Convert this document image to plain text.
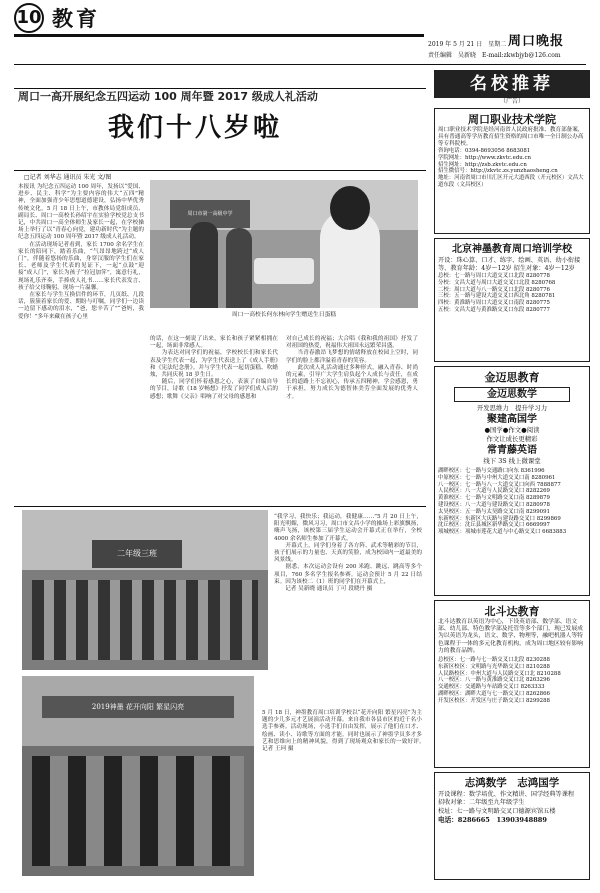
10 教育
2019 年 5 月 21 日　星期二 周口晚报
责任编辑　吴新晓 E-mail:zkwbjyb@126.com
周口一高开展纪念五四运动 100 周年暨 2017 级成人礼活动
我们十八岁啦
□记者 刘华志 通讯员 朱光 文/图
本报讯 为纪念五四运动 100 周年，发扬以“爱国、进步、民主、科学”为主要内容的伟大“五四”精神，全面加强青少年思想道德建设，弘扬中华优秀传统文化，5 月 18 日上午，市教体局党组成员、副局长、周口一高校长孙绍宇在实验学校党总支书记，中共周口一高全体师生及家长一起，在学校操场上举行了以“青春心向党，建功新时代”为主题的纪念五四运动 100 周年暨 2017 级成人礼活动。
　　在活动现场记者看到，家长 1700 余名学生在家长的陪同下，踏着乐曲，“气昂昂地跨过“成人门”，伴随着悠扬的乐曲，身穿汉服的学生们在家长、老师及学生代表的见证下，一起“点鼓”迎接“成人门”，家长为孩子“拉冠加笄”，寓意行礼，现场礼乐齐奏，手捧成人礼书……家长代表发言、孩子给父母鞠躬，现场一片温馨。
　　在家长与学生互换信件的环节，几页纸、几段话，簇簇着家长的爱、期盼与叮嘱，同学们一边读一边留下感动的泪水，“爸，您辛苦了”“爸妈，我爱你！”多年来藏在孩子心里
周口市第一高级中学
周口一高校长何东林向学生赠送生日蛋糕
的话，在这一刻说了出来，家长和孩子紧紧相拥在一起，场面非常感人。
　　为表达对同学们的祝福，学校校长们和家长代表及学生代表一起，为学生代表送上了《成人手册》和《宪法纪念册》。并与学生代表一起切蛋糕、吹蜡烛，共同庆祝 18 岁生日。
　　随后，同学们怀着感恩之心，表演了自编自导的节目，诗歌《18 岁畅想》抒发了同学们成人后的感想；歌舞《父亲》唱响了对父母的感恩和
对自己成长的祝福；大合唱《我和我的祖国》抒发了对祖国的热爱，祝福伟大祖国永远繁荣昌盛。
　　当青春激昂飞梦想的情绪释放在校园上空时，同学们的脸上都洋溢着青春的笑容。
　　此次成人礼活动通过多种形式，融入青春、时尚的元素，引导广大学生肩负起个人成长与责任，在成长的道路上不忘初心，传承五四精神，学会感恩，勇于承担，努力成长为德智体美劳全面发展的优秀人才。
二年级三班
“我学习，我快乐；我运动，我健康……”5 月 20 日上午，阳光明媚，微风习习，周口市文昌小学的操场上彩旗飘扬，嗨声飞扬，该校第三届学生运动会开幕式正在举行，全校 4000 余名师生参加了开幕式。
　　开幕式上，同学们身着了各方阵、武术等精彩的节目，孩子们展示的力量也、天真的笑脸，成为校园内一道最美的风景线。
　　据悉，本次运动会设有 200 米跑、跳远、跳高等多个项目，760 多名学生报名参赛。运动会预计 5 月 22 日结束。因为该校二（1）班的同学们在开幕式上，
　　记者 吴新晓 通讯员 丁可 段晓丹 摄
2019神墨 花开向阳 繁星闪亮
5 月 18 日，神墨教育周口培训学校以“花开向阳 繁星闪亮”为主题的少儿多元才艺展演活动开幕。来自我市各县市区的近千名小选手参赛。活动现场，小选手们自由发挥，展示了他们在口才、绘画、读小、诗歌等方面的才能。同时也展示了神墨学员多才多艺和思维向上的精神风貌，得到了现场观众和家长的一致好评。　记者 王珂 摄
名校推荐
（广告）
周口职业技术学院
周口职业技术学院是经河南省人民政府批准、教育部备案，具有普通高等学历教育招生资格的周口市唯一全日制公办高等专科院校。
咨询电话：0394-8693056 8683081
学院网址：http://www.zkvtc.edu.cn
招生网址：http://zsb.zkvtc.edu.cn
招生微信号：http://zkvtc.zs.yunzhaosheng.cn
地址：河南省周口市川汇区开元大道西段（开元校区）文昌大道东段（文昌校区）
北京神墨教育周口培训学校
开设：珠心算、口才、练字、绘画、英语、幼小衔接等、教育年龄：4岁～12岁 招生对象：4岁～12岁
总校：七一路与周口大道交叉口北段 8280778
分校：文昌大道与周口大道交叉口北段 8280768
二校：周口大道与八一路交叉口北段 8280776
三校：五一路与建设大道交叉口西北角 8280781
四校：黄淮路与周口大道交叉口南段 8280775
五校：文昌大道与黄淮路交叉口东段 8280777
金迈思教育
金迈思数学
开发思维力　提升学习力
聚建高国学
●国学●作文●阅读
作文让成长更精彩
常青藤英语
线下 3S 线上微课堂
湖畔校区：七一路与交通路口向东 8361996
中原校区：七一路与中州大道交叉口南 8280961
八一校区：七一路与八一大道交叉口向西 7888877
人民校区：八一大道与人民路交叉口 8282269
黄淮校区：七一路与文明路交叉口南 8289879
建设校区：八一大道与建设路交叉口 8280978
太昊校区：五一路与太昊路交叉口南 8299091
东新校区：东新区大庆路与建设路交叉口 8299869
沈丘校区：沈丘县城区新华路交叉口 6669997
项城校区：项城市莲花大道与中心路交叉口 6683883
北斗达教育
北斗达教育以英语为中心，下设英语部、数学部、语文部、幼儿部、特色教学部及托管等多个部门，现已发展成为以英语为龙头，语文、数学、物理等，融吧机器人等特色课程于一体的多元化教育机构，成为周口地区较有影响力的教育品牌。
总校区：七一路与七一路交叉口北段 8230288
东新区校区：文明路与光华路交叉口 8210288
人民路校区：中州大道与人民路交叉口北 8210288
八一校区：八一路与黄淮路交叉口北 8263296
交通校区：交通路与车站路交叉口 8263333
湖畔校区：湖畔大道与七一路交叉口 8262866
开发区校区：开发区与庄子路交叉口 8299288
志鸿数学　志鸿国学
开设课程：数学培优、作文精讲、国学经典等课程
招收对象：二年级至九年级学生
校址：七一路与文明路交叉口德源宾馆五楼
电话：8286665　13903948889
